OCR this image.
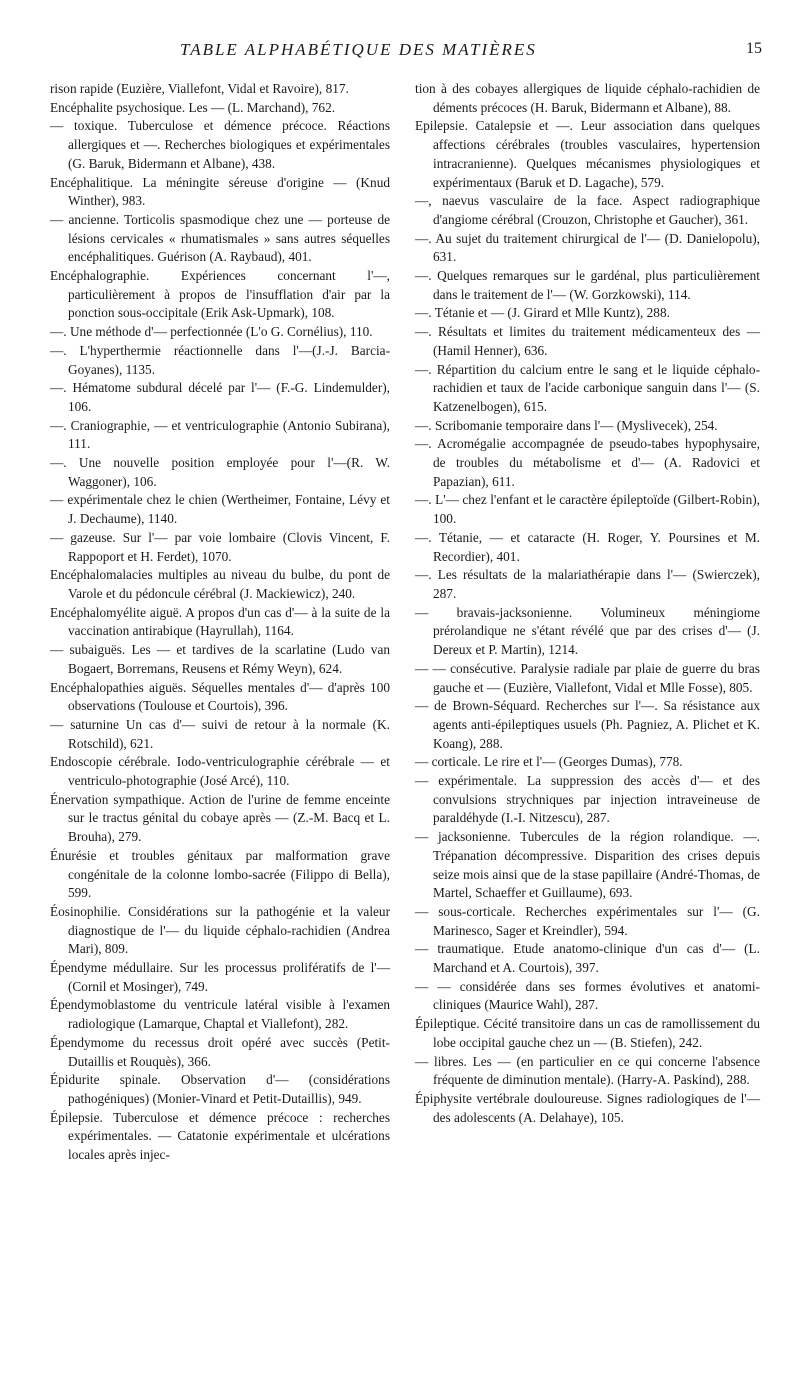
TABLE ALPHABÉTIQUE DES MATIÈRES	15

rison rapide (Euzière, Viallefont, Vidal et Ravoire), 817.

Encéphalite psychosique. Les — (L. Marchand), 762.

— toxique. Tuberculose et démence précoce. Réactions allergiques et —. Recherches biologiques et expérimentales (G. Baruk, Bidermann et Albane), 438.

Encéphalitique. La méningite séreuse d'origine — (Knud Winther), 983.

— ancienne. Torticolis spasmodique chez une — porteuse de lésions cervicales « rhumatismales » sans autres séquelles encéphalitiques. Guérison (A. Raybaud), 401.

Encéphalographie. Expériences concernant l'—, particulièrement à propos de l'insufflation d'air par la ponction sous-occipitale (Erik Ask-Upmark), 108.

—. Une méthode d'— perfectionnée (L'o G. Cornélius), 110.

—. L'hyperthermie réactionnelle dans l'—(J.-J. Barcia-Goyanes), 1135.

—. Hématome subdural décelé par l'— (F.-G. Lindemulder), 106.

—. Craniographie, — et ventriculographie (Antonio Subirana), 111.

—. Une nouvelle position employée pour l'—(R. W. Waggoner), 106.

— expérimentale chez le chien (Wertheimer, Fontaine, Lévy et J. Dechaume), 1140.

— gazeuse. Sur l'— par voie lombaire (Clovis Vincent, F. Rappoport et H. Ferdet), 1070.

Encéphalomalacies multiples au niveau du bulbe, du pont de Varole et du pédoncule cérébral (J. Mackiewicz), 240.

Encéphalomyélite aiguë. A propos d'un cas d'— à la suite de la vaccination antirabique (Hayrullah), 1164.

— subaiguës. Les — et tardives de la scarlatine (Ludo van Bogaert, Borremans, Reusens et Rémy Weyn), 624.

Encéphalopathies aiguës. Séquelles mentales d'— d'après 100 observations (Toulouse et Courtois), 396.

— saturnine Un cas d'— suivi de retour à la normale (K. Rotschild), 621.

Endoscopie cérébrale. Iodo-ventriculographie cérébrale — et ventriculo-photographie (José Arcé), 110.

Énervation sympathique. Action de l'urine de femme enceinte sur le tractus génital du cobaye après — (Z.-M. Bacq et L. Brouha), 279.

Énurésie et troubles génitaux par malformation grave congénitale de la colonne lombo-sacrée (Filippo di Bella), 599.

Éosinophilie. Considérations sur la pathogénie et la valeur diagnostique de l'— du liquide céphalo-rachidien (Andrea Mari), 809.

Épendyme médullaire. Sur les processus prolifératifs de l'— (Cornil et Mosinger), 749.

Épendymoblastome du ventricule latéral visible à l'examen radiologique (Lamarque, Chaptal et Viallefont), 282.

Épendymome du recessus droit opéré avec succès (Petit-Dutaillis et Rouquès), 366.

Épidurite spinale. Observation d'— (considérations pathogéniques) (Monier-Vinard et Petit-Dutaillis), 949.

Épilepsie. Tuberculose et démence précoce : recherches expérimentales. — Catatonie expérimentale et ulcérations locales après injec-

tion à des cobayes allergiques de liquide céphalo-rachidien de déments précoces (H. Baruk, Bidermann et Albane), 88.

Epilepsie. Catalepsie et —. Leur association dans quelques affections cérébrales (troubles vasculaires, hypertension intracranienne). Quelques mécanismes physiologiques et expérimentaux (Baruk et D. Lagache), 579.

—, naevus vasculaire de la face. Aspect radiographique d'angiome cérébral (Crouzon, Christophe et Gaucher), 361.

—. Au sujet du traitement chirurgical de l'— (D. Danielopolu), 631.

—. Quelques remarques sur le gardénal, plus particulièrement dans le traitement de l'— (W. Gorzkowski), 114.

—. Tétanie et — (J. Girard et Mlle Kuntz), 288.

—. Résultats et limites du traitement médicamenteux des — (Hamil Henner), 636.

—. Répartition du calcium entre le sang et le liquide céphalo-rachidien et taux de l'acide carbonique sanguin dans l'— (S. Katzenelbogen), 615.

—. Scribomanie temporaire dans l'— (Myslivecek), 254.

—. Acromégalie accompagnée de pseudo-tabes hypophysaire, de troubles du métabolisme et d'— (A. Radovici et Papazian), 611.

—. L'— chez l'enfant et le caractère épileptoïde (Gilbert-Robin), 100.

—. Tétanie, — et cataracte (H. Roger, Y. Poursines et M. Recordier), 401.

—. Les résultats de la malariathérapie dans l'— (Swierczek), 287.

— bravais-jacksonienne. Volumineux méningiome prérolandique ne s'étant révélé que par des crises d'— (J. Dereux et P. Martin), 1214.

— — consécutive. Paralysie radiale par plaie de guerre du bras gauche et — (Euzière, Viallefont, Vidal et Mlle Fosse), 805.

— de Brown-Séquard. Recherches sur l'—. Sa résistance aux agents anti-épileptiques usuels (Ph. Pagniez, A. Plichet et K. Koang), 288.

— corticale. Le rire et l'— (Georges Dumas), 778.

— expérimentale. La suppression des accès d'— et des convulsions strychniques par injection intraveineuse de paraldéhyde (I.-I. Nitzescu), 287.

— jacksonienne. Tubercules de la région rolandique. —. Trépanation décompressive. Disparition des crises depuis seize mois ainsi que de la stase papillaire (André-Thomas, de Martel, Schaeffer et Guillaume), 693.

— sous-corticale. Recherches expérimentales sur l'— (G. Marinesco, Sager et Kreindler), 594.

— traumatique. Etude anatomo-clinique d'un cas d'— (L. Marchand et A. Courtois), 397.

— — considérée dans ses formes évolutives et anatomi-cliniques (Maurice Wahl), 287.

Épileptique. Cécité transitoire dans un cas de ramollissement du lobe occipital gauche chez un — (B. Stiefen), 242.

— libres. Les — (en particulier en ce qui concerne l'absence fréquente de diminution mentale). (Harry-A. Paskind), 288.

Épiphysite vertébrale douloureuse. Signes radiologiques de l'— des adolescents (A. Delahaye), 105.
